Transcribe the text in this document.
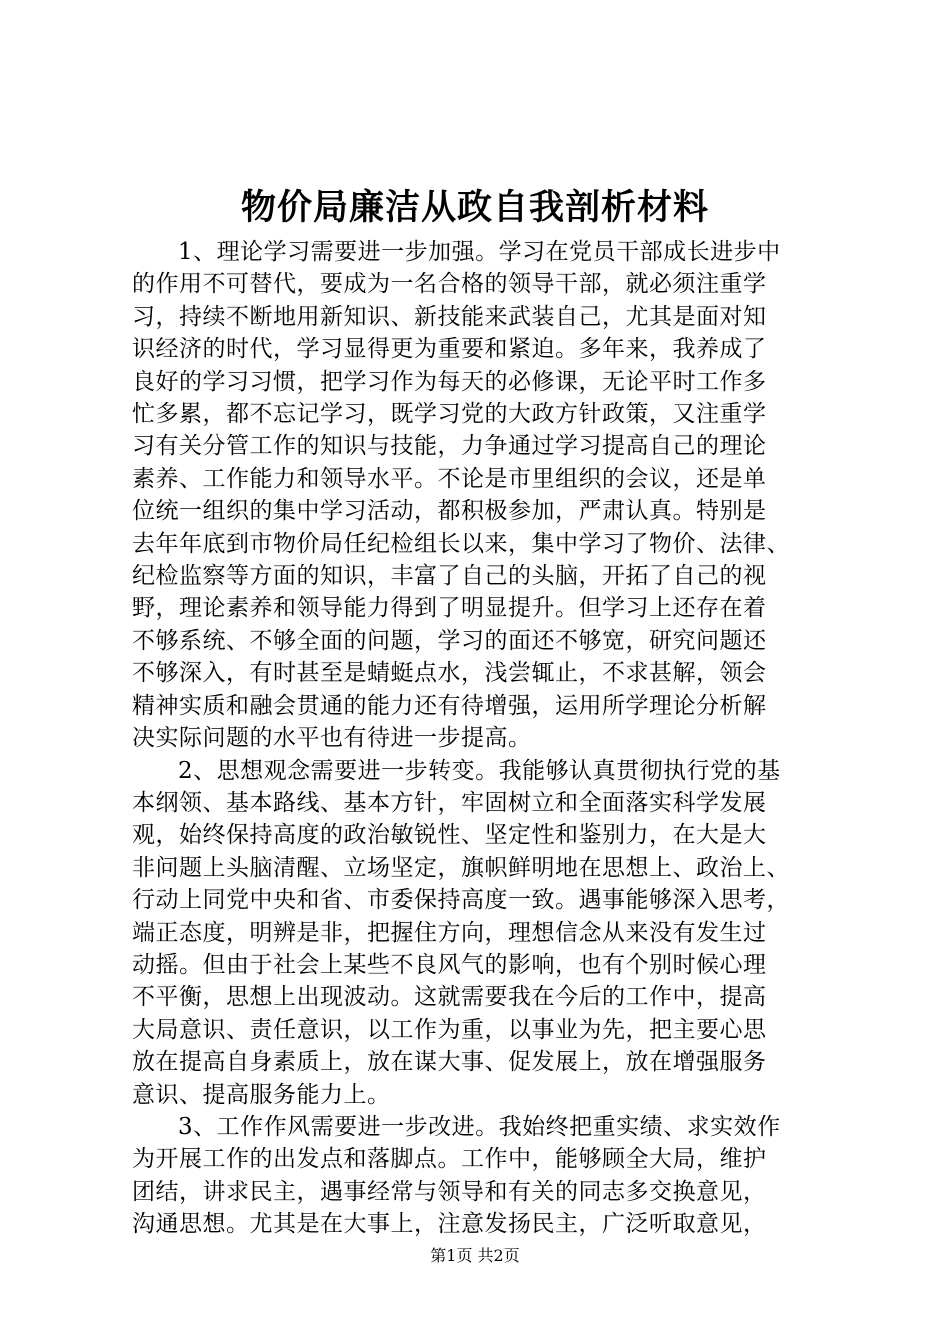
物价局廉洁从政自我剖析材料
1、理论学习需要进一步加强。学习在党员干部成长进步中
的作用不可替代，要成为一名合格的领导干部，就必须注重学
习，持续不断地用新知识、新技能来武装自己，尤其是面对知
识经济的时代，学习显得更为重要和紧迫。多年来，我养成了
良好的学习习惯，把学习作为每天的必修课，无论平时工作多
忙多累，都不忘记学习，既学习党的大政方针政策，又注重学
习有关分管工作的知识与技能，力争通过学习提高自己的理论
素养、工作能力和领导水平。不论是市里组织的会议，还是单
位统一组织的集中学习活动，都积极参加，严肃认真。特别是
去年年底到市物价局任纪检组长以来，集中学习了物价、法律、
纪检监察等方面的知识，丰富了自己的头脑，开拓了自己的视
野，理论素养和领导能力得到了明显提升。但学习上还存在着
不够系统、不够全面的问题，学习的面还不够宽，研究问题还
不够深入，有时甚至是蜻蜓点水，浅尝辄止，不求甚解，领会
精神实质和融会贯通的能力还有待增强，运用所学理论分析解
决实际问题的水平也有待进一步提高。
2、思想观念需要进一步转变。我能够认真贯彻执行党的基
本纲领、基本路线、基本方针，牢固树立和全面落实科学发展
观，始终保持高度的政治敏锐性、坚定性和鉴别力，在大是大
非问题上头脑清醒、立场坚定，旗帜鲜明地在思想上、政治上、
行动上同党中央和省、市委保持高度一致。遇事能够深入思考，
端正态度，明辨是非，把握住方向，理想信念从来没有发生过
动摇。但由于社会上某些不良风气的影响，也有个别时候心理
不平衡，思想上出现波动。这就需要我在今后的工作中，提高
大局意识、责任意识，以工作为重，以事业为先，把主要心思
放在提高自身素质上，放在谋大事、促发展上，放在增强服务
意识、提高服务能力上。
3、工作作风需要进一步改进。我始终把重实绩、求实效作
为开展工作的出发点和落脚点。工作中，能够顾全大局，维护
团结，讲求民主，遇事经常与领导和有关的同志多交换意见，
沟通思想。尤其是在大事上，注意发扬民主，广泛听取意见，
第1页 共2页
